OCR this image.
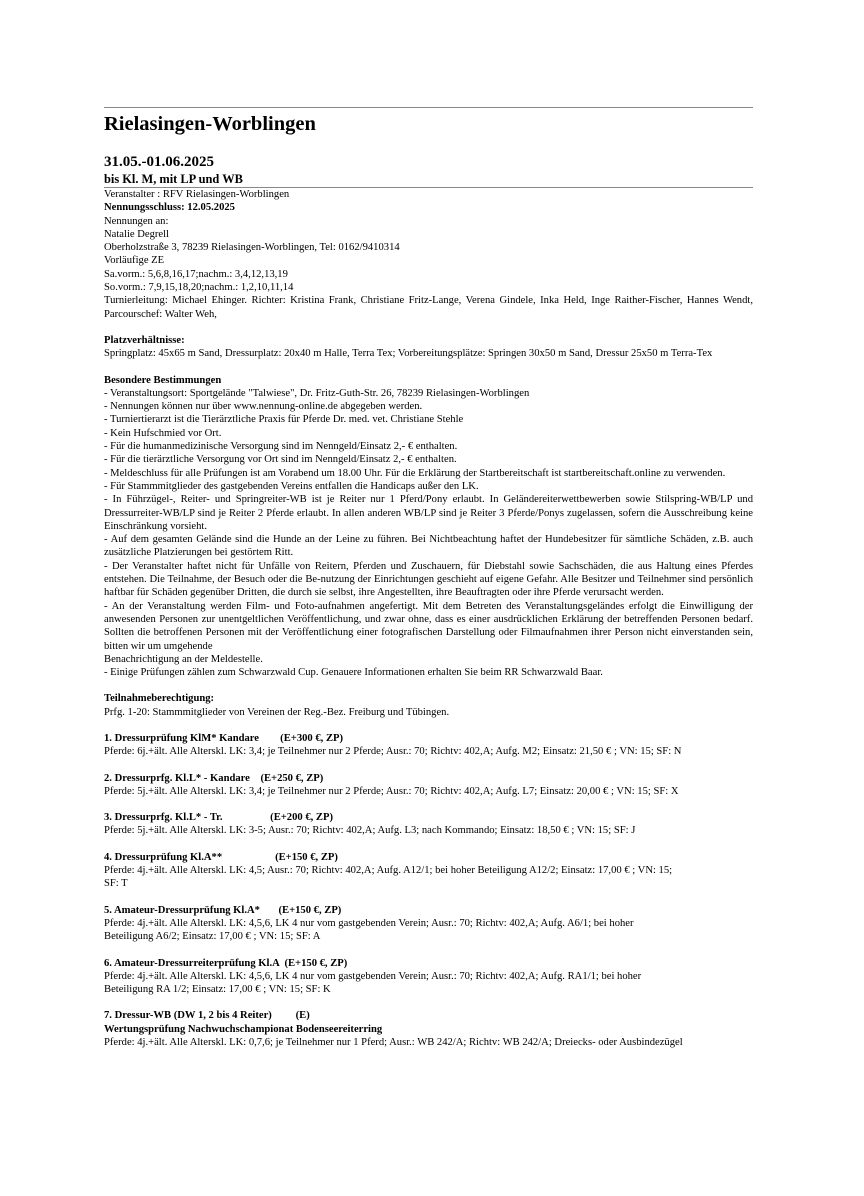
Rielasingen-Worblingen
31.05.-01.06.2025
bis Kl. M, mit LP und WB
Veranstalter : RFV Rielasingen-Worblingen
Nennungsschluss: 12.05.2025
Nennungen an:
Natalie Degrell
Oberholzstraße 3, 78239 Rielasingen-Worblingen, Tel: 0162/9410314
Vorläufige ZE
Sa.vorm.: 5,6,8,16,17;nachm.: 3,4,12,13,19
So.vorm.: 7,9,15,18,20;nachm.: 1,2,10,11,14
Turnierleitung: Michael Ehinger. Richter: Kristina Frank, Christiane Fritz-Lange, Verena Gindele, Inka Held, Inge Raither-Fischer, Hannes Wendt, Parcourschef: Walter Weh,
Platzverhältnisse:
Springplatz: 45x65 m Sand, Dressurplatz: 20x40 m Halle, Terra Tex; Vorbereitungsplätze: Springen 30x50 m Sand, Dressur 25x50 m Terra-Tex
Besondere Bestimmungen
- Veranstaltungsort: Sportgelände "Talwiese", Dr. Fritz-Guth-Str. 26, 78239 Rielasingen-Worblingen
- Nennungen können nur über www.nennung-online.de abgegeben werden.
- Turniertierarzt ist die Tierärztliche Praxis für Pferde Dr. med. vet. Christiane Stehle
- Kein Hufschmied vor Ort.
- Für die humanmedizinische Versorgung sind im Nenngeld/Einsatz 2,- € enthalten.
- Für die tierärztliche Versorgung vor Ort sind im Nenngeld/Einsatz 2,- € enthalten.
- Meldeschluss für alle Prüfungen ist am Vorabend um 18.00 Uhr. Für die Erklärung der Startbereitschaft ist startbereitschaft.online zu verwenden.
- Für Stammmitglieder des gastgebenden Vereins entfallen die Handicaps außer den LK.
- In Führzügel-, Reiter- und Springreiter-WB ist je Reiter nur 1 Pferd/Pony erlaubt. In Geländereiterwettbewerben sowie Stilspring-WB/LP und Dressurreiter-WB/LP sind je Reiter 2 Pferde erlaubt. In allen anderen WB/LP sind je Reiter 3 Pferde/Ponys zugelassen, sofern die Ausschreibung keine Einschränkung vorsieht.
- Auf dem gesamten Gelände sind die Hunde an der Leine zu führen. Bei Nichtbeachtung haftet der Hundebesitzer für sämtliche Schäden, z.B. auch zusätzliche Platzierungen bei gestörtem Ritt.
- Der Veranstalter haftet nicht für Unfälle von Reitern, Pferden und Zuschauern, für Diebstahl sowie Sachschäden, die aus Haltung eines Pferdes entstehen. Die Teilnahme, der Besuch oder die Be-nutzung der Einrichtungen geschieht auf eigene Gefahr. Alle Besitzer und Teilnehmer sind persönlich haftbar für Schäden gegenüber Dritten, die durch sie selbst, ihre Angestellten, ihre Beauftragten oder ihre Pferde verursacht werden.
- An der Veranstaltung werden Film- und Foto-aufnahmen angefertigt. Mit dem Betreten des Veranstaltungsgeländes erfolgt die Einwilligung der anwesenden Personen zur unentgeltlichen Veröffentlichung, und zwar ohne, dass es einer ausdrücklichen Erklärung der betreffenden Personen bedarf. Sollten die betroffenen Personen mit der Veröffentlichung einer fotografischen Darstellung oder Filmaufnahmen ihrer Person nicht einverstanden sein, bitten wir um umgehende
Benachrichtigung an der Meldestelle.
- Einige Prüfungen zählen zum Schwarzwald Cup. Genauere Informationen erhalten Sie beim RR Schwarzwald Baar.
Teilnahmeberechtigung:
Prfg. 1-20: Stammmitglieder von Vereinen der Reg.-Bez. Freiburg und Tübingen.
1. Dressurprüfung KlM* Kandare        (E+300 €, ZP)
Pferde: 6j.+ält. Alle Alterskl. LK: 3,4; je Teilnehmer nur 2 Pferde; Ausr.: 70; Richtv: 402,A; Aufg. M2; Einsatz: 21,50 € ; VN: 15; SF: N
2. Dressurprfg. Kl.L* - Kandare    (E+250 €, ZP)
Pferde: 5j.+ält. Alle Alterskl. LK: 3,4; je Teilnehmer nur 2 Pferde; Ausr.: 70; Richtv: 402,A; Aufg. L7; Einsatz: 20,00 € ; VN: 15; SF: X
3. Dressurprfg. Kl.L* - Tr.                  (E+200 €, ZP)
Pferde: 5j.+ält. Alle Alterskl. LK: 3-5; Ausr.: 70; Richtv: 402,A; Aufg. L3; nach Kommando; Einsatz: 18,50 € ; VN: 15; SF: J
4. Dressurprüfung Kl.A**                    (E+150 €, ZP)
Pferde: 4j.+ält. Alle Alterskl. LK: 4,5; Ausr.: 70; Richtv: 402,A; Aufg. A12/1; bei hoher Beteiligung A12/2; Einsatz: 17,00 € ; VN: 15;
SF: T
5. Amateur-Dressurprüfung Kl.A*       (E+150 €, ZP)
Pferde: 4j.+ält. Alle Alterskl. LK: 4,5,6, LK 4 nur vom gastgebenden Verein; Ausr.: 70; Richtv: 402,A; Aufg. A6/1; bei hoher
Beteiligung A6/2; Einsatz: 17,00 € ; VN: 15; SF: A
6. Amateur-Dressurreiterprüfung Kl.A  (E+150 €, ZP)
Pferde: 4j.+ält. Alle Alterskl. LK: 4,5,6, LK 4 nur vom gastgebenden Verein; Ausr.: 70; Richtv: 402,A; Aufg. RA1/1; bei hoher
Beteiligung RA 1/2; Einsatz: 17,00 € ; VN: 15; SF: K
7. Dressur-WB (DW 1, 2 bis 4 Reiter)         (E)
Wertungsprüfung Nachwuchschampionat Bodenseereiterring
Pferde: 4j.+ält. Alle Alterskl. LK: 0,7,6; je Teilnehmer nur 1 Pferd; Ausr.: WB 242/A; Richtv: WB 242/A; Dreiecks- oder Ausbindezügel
